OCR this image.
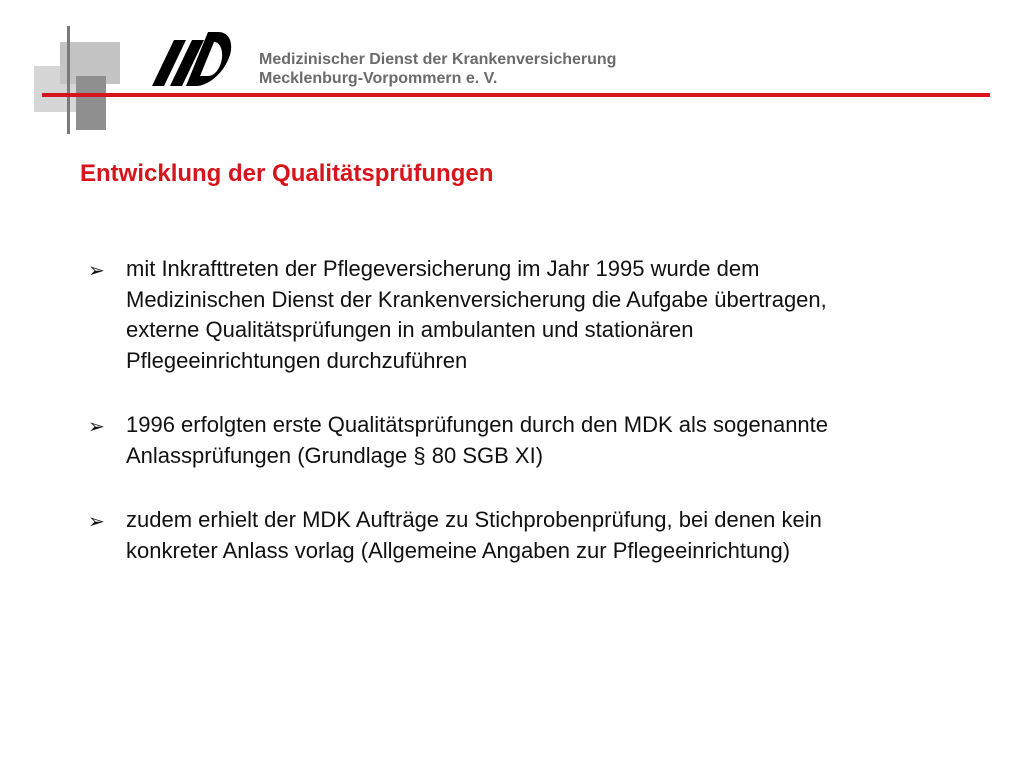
Medizinischer Dienst der Krankenversicherung
Mecklenburg-Vorpommern e. V.
Entwicklung der Qualitätsprüfungen
➢ mit Inkrafttreten der Pflegeversicherung im Jahr 1995 wurde dem
Medizinischen Dienst der Krankenversicherung die Aufgabe übertragen,
externe Qualitätsprüfungen in ambulanten und stationären
Pflegeeinrichtungen durchzuführen
➢ 1996 erfolgten erste Qualitätsprüfungen durch den MDK als sogenannte
Anlassprüfungen (Grundlage § 80 SGB XI)
➢ zudem erhielt der MDK Aufträge zu Stichprobenprüfung, bei denen kein
konkreter Anlass vorlag (Allgemeine Angaben zur Pflegeeinrichtung)
